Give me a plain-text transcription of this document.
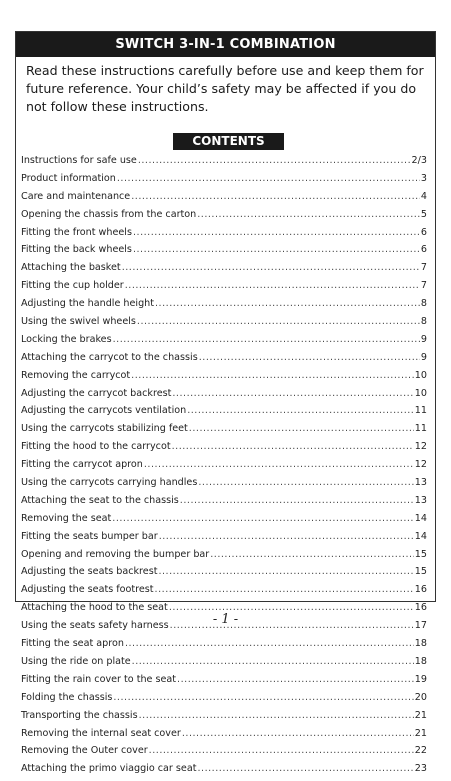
SWITCH 3-IN-1 COMBINATION
Read these instructions carefully before use and keep them for future reference. Your child’s safety may be affected if you do not follow these instructions.
CONTENTS
Instructions for safe use .....	2/3
Product information .....	3
Care and maintenance .....	4
Opening the chassis from the carton .....	5
Fitting the front wheels .....	6
Fitting the back wheels .....	6
Attaching the basket .....	7
Fitting the cup holder .....	7
Adjusting the handle height .....	8
Using the swivel wheels .....	8
Locking the brakes .....	9
Attaching the carrycot to the chassis .....	9
Removing the carrycot .....	10
Adjusting the carrycot backrest .....	10
Adjusting the carrycots ventilation .....	11
Using the carrycots stabilizing feet .....	11
Fitting the hood to the carrycot .....	12
Fitting the carrycot apron .....	12
Using the carrycots carrying handles .....	13
Attaching the seat to the chassis .....	13
Removing the seat .....	14
Fitting the seats bumper bar .....	14
Opening and removing the bumper bar .....	15
Adjusting the seats backrest .....	15
Adjusting the seats footrest .....	16
Attaching the hood to the seat .....	16
Using the seats safety harness .....	17
Fitting the seat apron .....	18
Using the ride on plate .....	18
Fitting the rain cover to the seat .....	19
Folding the chassis .....	20
Transporting the chassis .....	21
Removing the internal seat cover .....	21
Removing the Outer cover .....	22
Attaching the primo viaggio car seat .....	23
- 1 -
